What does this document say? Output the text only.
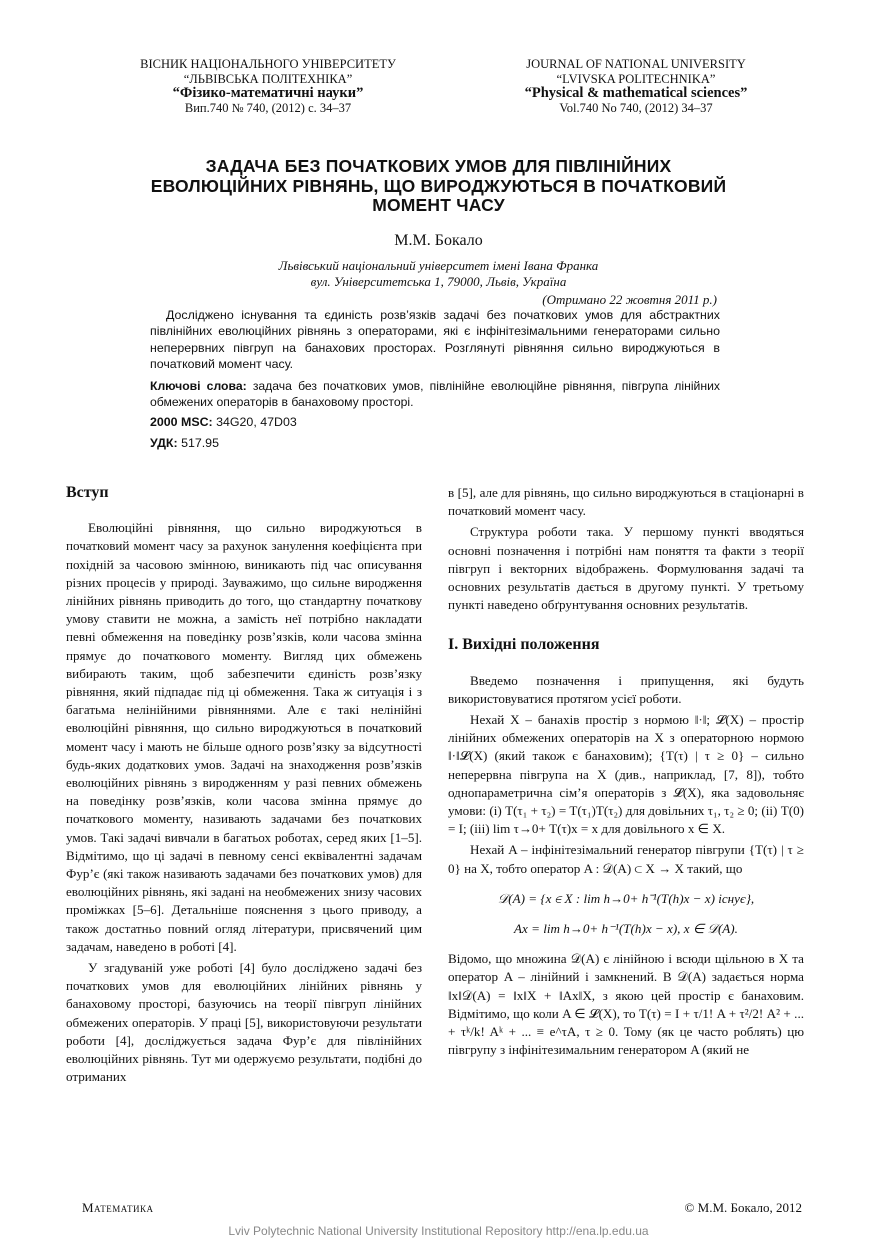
ВІСНИК НАЦІОНАЛЬНОГО УНІВЕРСИТЕТУ
“ЛЬВІВСЬКА ПОЛІТЕХНІКА”
“Фізико-математичні науки”
Вип.740 № 740, (2012) с. 34–37
JOURNAL OF NATIONAL UNIVERSITY
“LVIVSKA POLITECHNIKA”
“Physical & mathematical sciences”
Vol.740 No 740, (2012) 34–37
ЗАДАЧА БЕЗ ПОЧАТКОВИХ УМОВ ДЛЯ ПІВЛІНІЙНИХ
ЕВОЛЮЦІЙНИХ РІВНЯНЬ, ЩО ВИРОДЖУЮТЬСЯ В ПОЧАТКОВИЙ
МОМЕНТ ЧАСУ
М.М. Бокало
Львівський національний університет імені Івана Франка
вул. Університетська 1, 79000, Львів, Україна
(Отримано 22 жовтня 2011 р.)

Досліджено існування та єдиність розв’язків задачі без початкових умов для абстрактних півлінійних еволюційних рівнянь з операторами, які є інфінітезімальними генераторами сильно неперервних півгруп на банахових просторах. Розглянуті рівняння сильно вироджуються в початковий момент часу.

Ключові слова: задача без початкових умов, півлінійне еволюційне рівняння, півгрупа лінійних обмежених операторів в банаховому просторі.
2000 MSC: 34G20, 47D03
УДК: 517.95
Вступ

Еволюційні рівняння, що сильно вироджуються в початковий момент часу за рахунок занулення коефіцієнта при похідній за часовою змінною, виникають під час описування різних процесів у природі. Зауважимо, що сильне виродження лінійних рівнянь приводить до того, що стандартну початкову умову ставити не можна, а замість неї потрібно накладати певні обмеження на поведінку розв’язків, коли часова змінна прямує до початкового моменту. Вигляд цих обмежень вибирають таким, щоб забезпечити єдиність розв’язку рівняння, який підпадає під ці обмеження. Така ж ситуація і з багатьма нелінійними рівняннями. Але є такі нелінійні еволюційні рівняння, що сильно вироджуються в початковий момент часу і мають не більше одного розв’язку за відсутності будь-яких додаткових умов. Задачі на знаходження розв’язків еволюційних рівнянь з виродженням у разі певних обмежень на поведінку розв’язків, коли часова змінна прямує до початкового моменту, називають задачами без початкових умов. Такі задачі вивчали в багатьох роботах, серед яких [1–5]. Відмітимо, що ці задачі в певному сенсі еквівалентні задачам Фур’є (які також називають задачами без початкових умов) для еволюційних рівнянь, які задані на необмежених знизу часових проміжках [5–6]. Детальніше пояснення з цього приводу, а також достатньо повний огляд літератури, присвячений цим задачам, наведено в роботі [4].

У згадуваній уже роботі [4] було досліджено задачі без початкових умов для еволюційних лінійних рівнянь у банаховому просторі, базуючись на теорії півгруп лінійних обмежених операторів. У праці [5], використовуючи результати роботи [4], досліджується задача Фур’є для півлінійних еволюційних рівнянь. Тут ми одержуємо результати, подібні до отриманих

в [5], але для рівнянь, що сильно вироджуються в стаціонарні в початковий момент часу.

Структура роботи така. У першому пункті вводяться основні позначення і потрібні нам поняття та факти з теорії півгруп і векторних відображень. Формулювання задачі та основних результатів дається в другому пункті. У третьому пункті наведено обґрунтування основних результатів.

I. Вихідні положення

Введемо позначення і припущення, які будуть використовуватися протягом усієї роботи.

Нехай X – банахів простір з нормою ‖·‖; 𝓛(X) – простір лінійних обмежених операторів на X з операторною нормою ‖·‖𝓛(X) (який також є банаховим); {T(τ) | τ ≥ 0} – сильно неперервна півгрупа на X (див., наприклад, [7, 8]), тобто однопараметрична сім’я операторів з 𝓛(X), яка задовольняє умови: (i) T(τ₁ + τ₂) = T(τ₁)T(τ₂) для довільних τ₁, τ₂ ≥ 0; (ii) T(0) = I; (iii) lim τ→0+ T(τ)x = x для довільного x ∈ X.

Нехай A – інфінітезімальний генератор півгрупи {T(τ) | τ ≥ 0} на X, тобто оператор A : 𝒟(A) ⊂ X → X такий, що

𝒟(A) = {x ∈ X : lim h→0+ h⁻¹(T(h)x − x) існує},
Ax = lim h→0+ h⁻¹(T(h)x − x), x ∈ 𝒟(A).

Відомо, що множина 𝒟(A) є лінійною і всюди щільною в X та оператор A – лінійний і замкнений. В 𝒟(A) задається норма ‖x‖𝒟(A) = ‖x‖X + ‖Ax‖X, з якою цей простір є банаховим. Відмітимо, що коли A ∈ 𝓛(X), то T(τ) = I + τ/1! A + τ²/2! A² + ... + τᵏ/k! Aᵏ + ... ≡ e^τA, τ ≥ 0. Тому (як це часто роблять) цю півгрупу з інфінітезимальним генератором A (який не

Математика	© М.М. Бокало, 2012
Lviv Polytechnic National University Institutional Repository http://ena.lp.edu.ua
